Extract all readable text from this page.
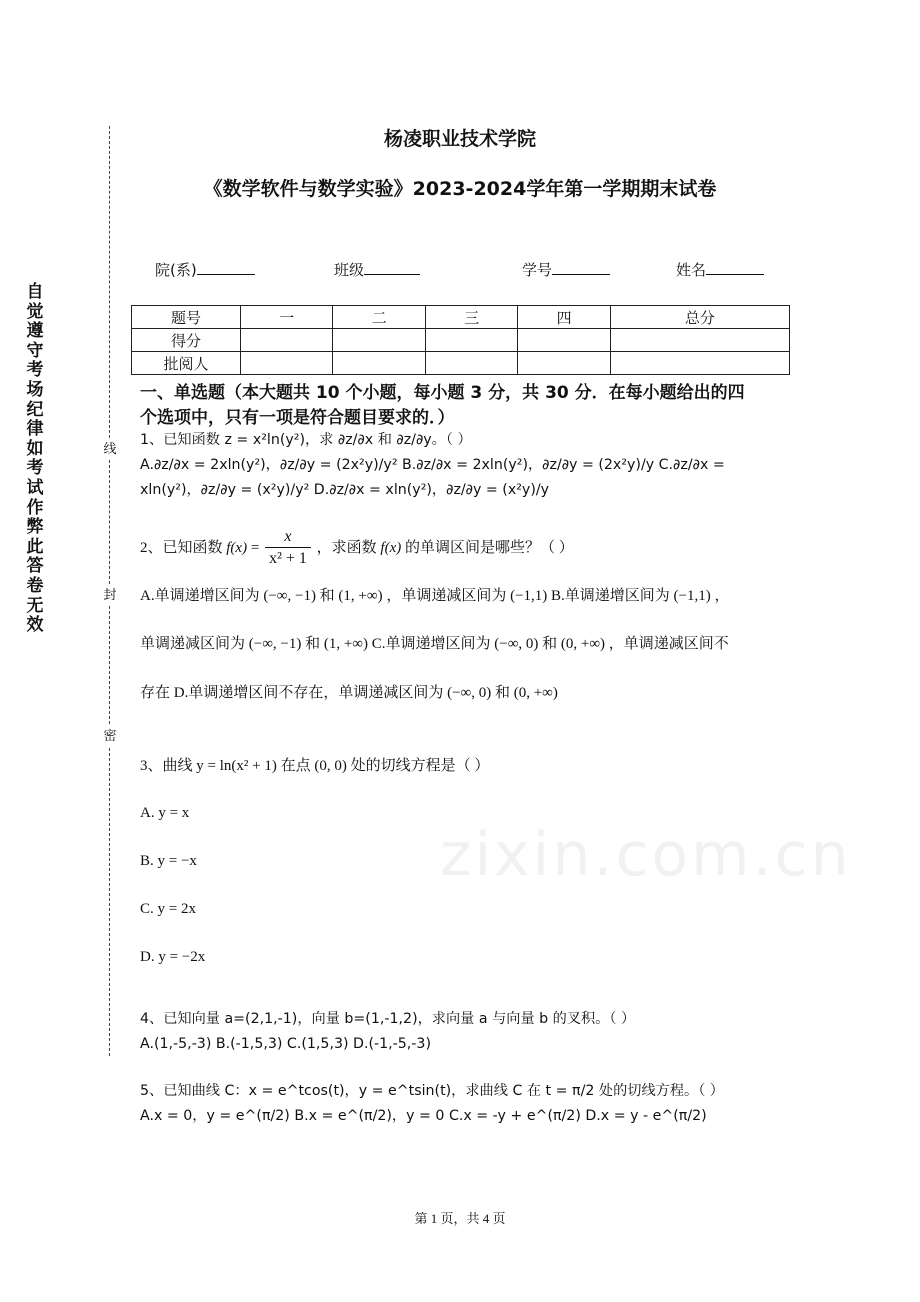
自觉遵守考场纪律如考试作弊此答卷无效
线
封
密
杨凌职业技术学院
《数学软件与数学实验》2023-2024学年第一学期期末试卷
院(系)	班级	学号	姓名
题号	一	二	三	四	总分
得分					
批阅人					
一、单选题（本大题共 10 个小题，每小题 3 分，共 30 分．在每小题给出的四
个选项中，只有一项是符合题目要求的．）
1、已知函数 z = x²ln(y²)，求 ∂z/∂x 和 ∂z/∂y。（ ）
A.∂z/∂x = 2xln(y²)，∂z/∂y = (2x²y)/y² B.∂z/∂x = 2xln(y²)，∂z/∂y = (2x²y)/y C.∂z/∂x =
xln(y²)，∂z/∂y = (x²y)/y² D.∂z/∂x = xln(y²)，∂z/∂y = (x²y)/y
2、已知函数 $f(x) = \frac{x}{\text{x² + 1}}$ ，求函数 f(x) 的单调区间是哪些？（ ）
A.单调递增区间为 (−∞, −1) 和 (1, +∞) ，单调递减区间为 (−1,1) B.单调递增区间为 (−1,1) ，
单调递减区间为 (−∞, −1) 和 (1, +∞) C.单调递增区间为 (−∞, 0) 和 (0, +∞) ，单调递减区间不
存在 D.单调递增区间不存在，单调递减区间为 (−∞, 0) 和 (0, +∞)
3、曲线 y = ln(x² + 1) 在点 (0, 0) 处的切线方程是（ ）
A. y = x
B. y = −x
C. y = 2x
D. y = −2x
4、已知向量 a=(2,1,-1)，向量 b=(1,-1,2)，求向量 a 与向量 b 的叉积。（ ）
A.(1,-5,-3) B.(-1,5,3) C.(1,5,3) D.(-1,-5,-3)
5、已知曲线 C：x = e^tcos(t)，y = e^tsin(t)，求曲线 C 在 t = π/2 处的切线方程。（ ）
A.x = 0，y = e^(π/2) B.x = e^(π/2)，y = 0 C.x = -y + e^(π/2) D.x = y - e^(π/2)
zixin.com.cn
第 1 页，共 4 页
